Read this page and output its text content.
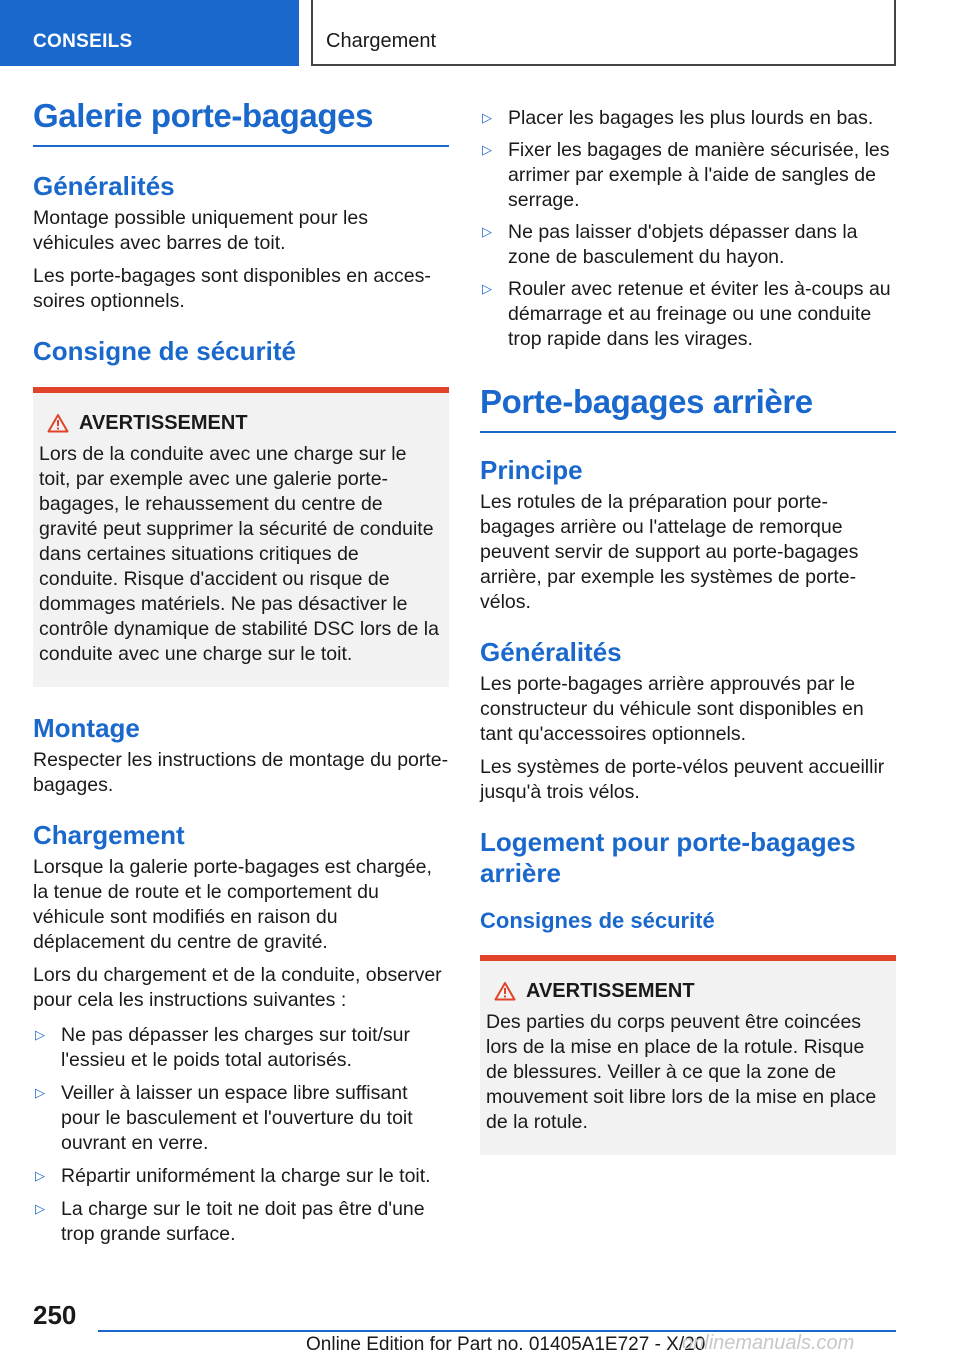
CONSEILS	Chargement
Galerie porte-bagages
Généralités

Montage possible uniquement pour les véhicules avec barres de toit.

Les porte-bagages sont disponibles en accessoires optionnels.

Consigne de sécurité
AVERTISSEMENT

Lors de la conduite avec une charge sur le toit, par exemple avec une galerie porte-bagages, le rehaussement du centre de gravité peut supprimer la sécurité de conduite dans certaines situations critiques de conduite. Risque d'accident ou risque de dommages matériels. Ne pas désactiver le contrôle dynamique de stabilité DSC lors de la conduite avec une charge sur le toit.

Montage

Respecter les instructions de montage du porte-bagages.

Chargement

Lorsque la galerie porte-bagages est chargée, la tenue de route et le comportement du véhicule sont modifiés en raison du déplacement du centre de gravité.

Lors du chargement et de la conduite, observer pour cela les instructions suivantes :

▷ Ne pas dépasser les charges sur toit/sur l'essieu et le poids total autorisés.
▷ Veiller à laisser un espace libre suffisant pour le basculement et l'ouverture du toit ouvrant en verre.
▷ Répartir uniformément la charge sur le toit.
▷ La charge sur le toit ne doit pas être d'une trop grande surface.
▷ Placer les bagages les plus lourds en bas.
▷ Fixer les bagages de manière sécurisée, les arrimer par exemple à l'aide de sangles de serrage.
▷ Ne pas laisser d'objets dépasser dans la zone de basculement du hayon.
▷ Rouler avec retenue et éviter les à-coups au démarrage et au freinage ou une conduite trop rapide dans les virages.
Porte-bagages arrière
Principe

Les rotules de la préparation pour porte-bagages arrière ou l'attelage de remorque peuvent servir de support au porte-bagages arrière, par exemple les systèmes de porte-vélos.

Généralités

Les porte-bagages arrière approuvés par le constructeur du véhicule sont disponibles en tant qu'accessoires optionnels.

Les systèmes de porte-vélos peuvent accueillir jusqu'à trois vélos.

Logement pour porte-bagages arrière
Consignes de sécurité
AVERTISSEMENT

Des parties du corps peuvent être coincées lors de la mise en place de la rotule. Risque de blessures. Veiller à ce que la zone de mouvement soit libre lors de la mise en place de la rotule.

250
Online Edition for Part no. 01405A1E727 - X/20
onlinemanuals.com
